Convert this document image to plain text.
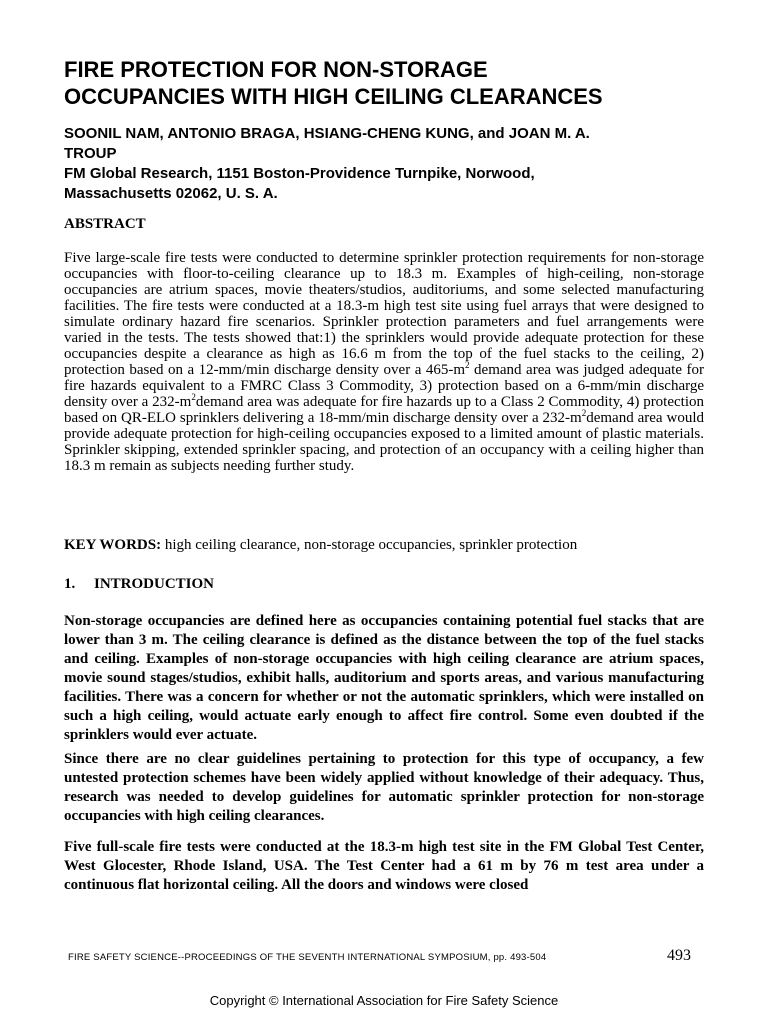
FIRE PROTECTION FOR NON-STORAGE
OCCUPANCIES WITH HIGH CEILING CLEARANCES
SOONIL NAM, ANTONIO BRAGA, HSIANG-CHENG KUNG, and JOAN M. A.
TROUP
FM Global Research, 1151 Boston-Providence Turnpike, Norwood,
Massachusetts 02062, U. S. A.
ABSTRACT

Five large-scale fire tests were conducted to determine sprinkler protection requirements for non-storage occupancies with floor-to-ceiling clearance up to 18.3 m. Examples of high-ceiling, non-storage occupancies are atrium spaces, movie theaters/studios, auditoriums, and some selected manufacturing facilities. The fire tests were conducted at a 18.3-m high test site using fuel arrays that were designed to simulate ordinary hazard fire scenarios. Sprinkler protection parameters and fuel arrangements were varied in the tests. The tests showed that:1) the sprinklers would provide adequate protection for these occupancies despite a clearance as high as 16.6 m from the top of the fuel stacks to the ceiling, 2) protection based on a 12-mm/min discharge density over a $465-m^2$ demand area was judged adequate for fire hazards equivalent to a FMRC Class 3 Commodity, 3) protection based on a 6-mm/min discharge density over a $232-m^2demand$ area was adequate for fire hazards up to a Class 2 Commodity, 4) protection based on QR-ELO sprinklers delivering a 18-mm/min discharge density over a $232-m^2demand$ area would provide adequate protection for high-ceiling occupancies exposed to a limited amount of plastic materials. Sprinkler skipping, extended sprinkler spacing, and protection of an occupancy with a ceiling higher than 18.3 m remain as subjects needing further study.

KEY WORDS: high ceiling clearance, non-storage occupancies, sprinkler protection

1.     INTRODUCTION

Non-storage occupancies are defined here as occupancies containing potential fuel stacks that are lower than 3 m. The ceiling clearance is defined as the distance between the top of the fuel stacks and ceiling. Examples of non-storage occupancies with high ceiling clearance are atrium spaces, movie sound stages/studios, exhibit halls, auditorium and sports areas, and various manufacturing facilities. There was a concern for whether or not the automatic sprinklers, which were installed on such a high ceiling, would actuate early enough to affect fire control. Some even doubted if the sprinklers would ever actuate.

Since there are no clear guidelines pertaining to protection for this type of occupancy, a few untested protection schemes have been widely applied without knowledge of their adequacy. Thus, research was needed to develop guidelines for automatic sprinkler protection for non-storage occupancies with high ceiling clearances.

Five full-scale fire tests were conducted at the 18.3-m high test site in the FM Global Test Center, West Glocester, Rhode Island, USA. The Test Center had a 61 m by 76 m test area under a continuous flat horizontal ceiling. All the doors and windows were closed

FIRE SAFETY SCIENCE--PROCEEDINGS OF THE SEVENTH INTERNATIONAL SYMPOSIUM, pp. 493-504	493
Copyright © International Association for Fire Safety Science
